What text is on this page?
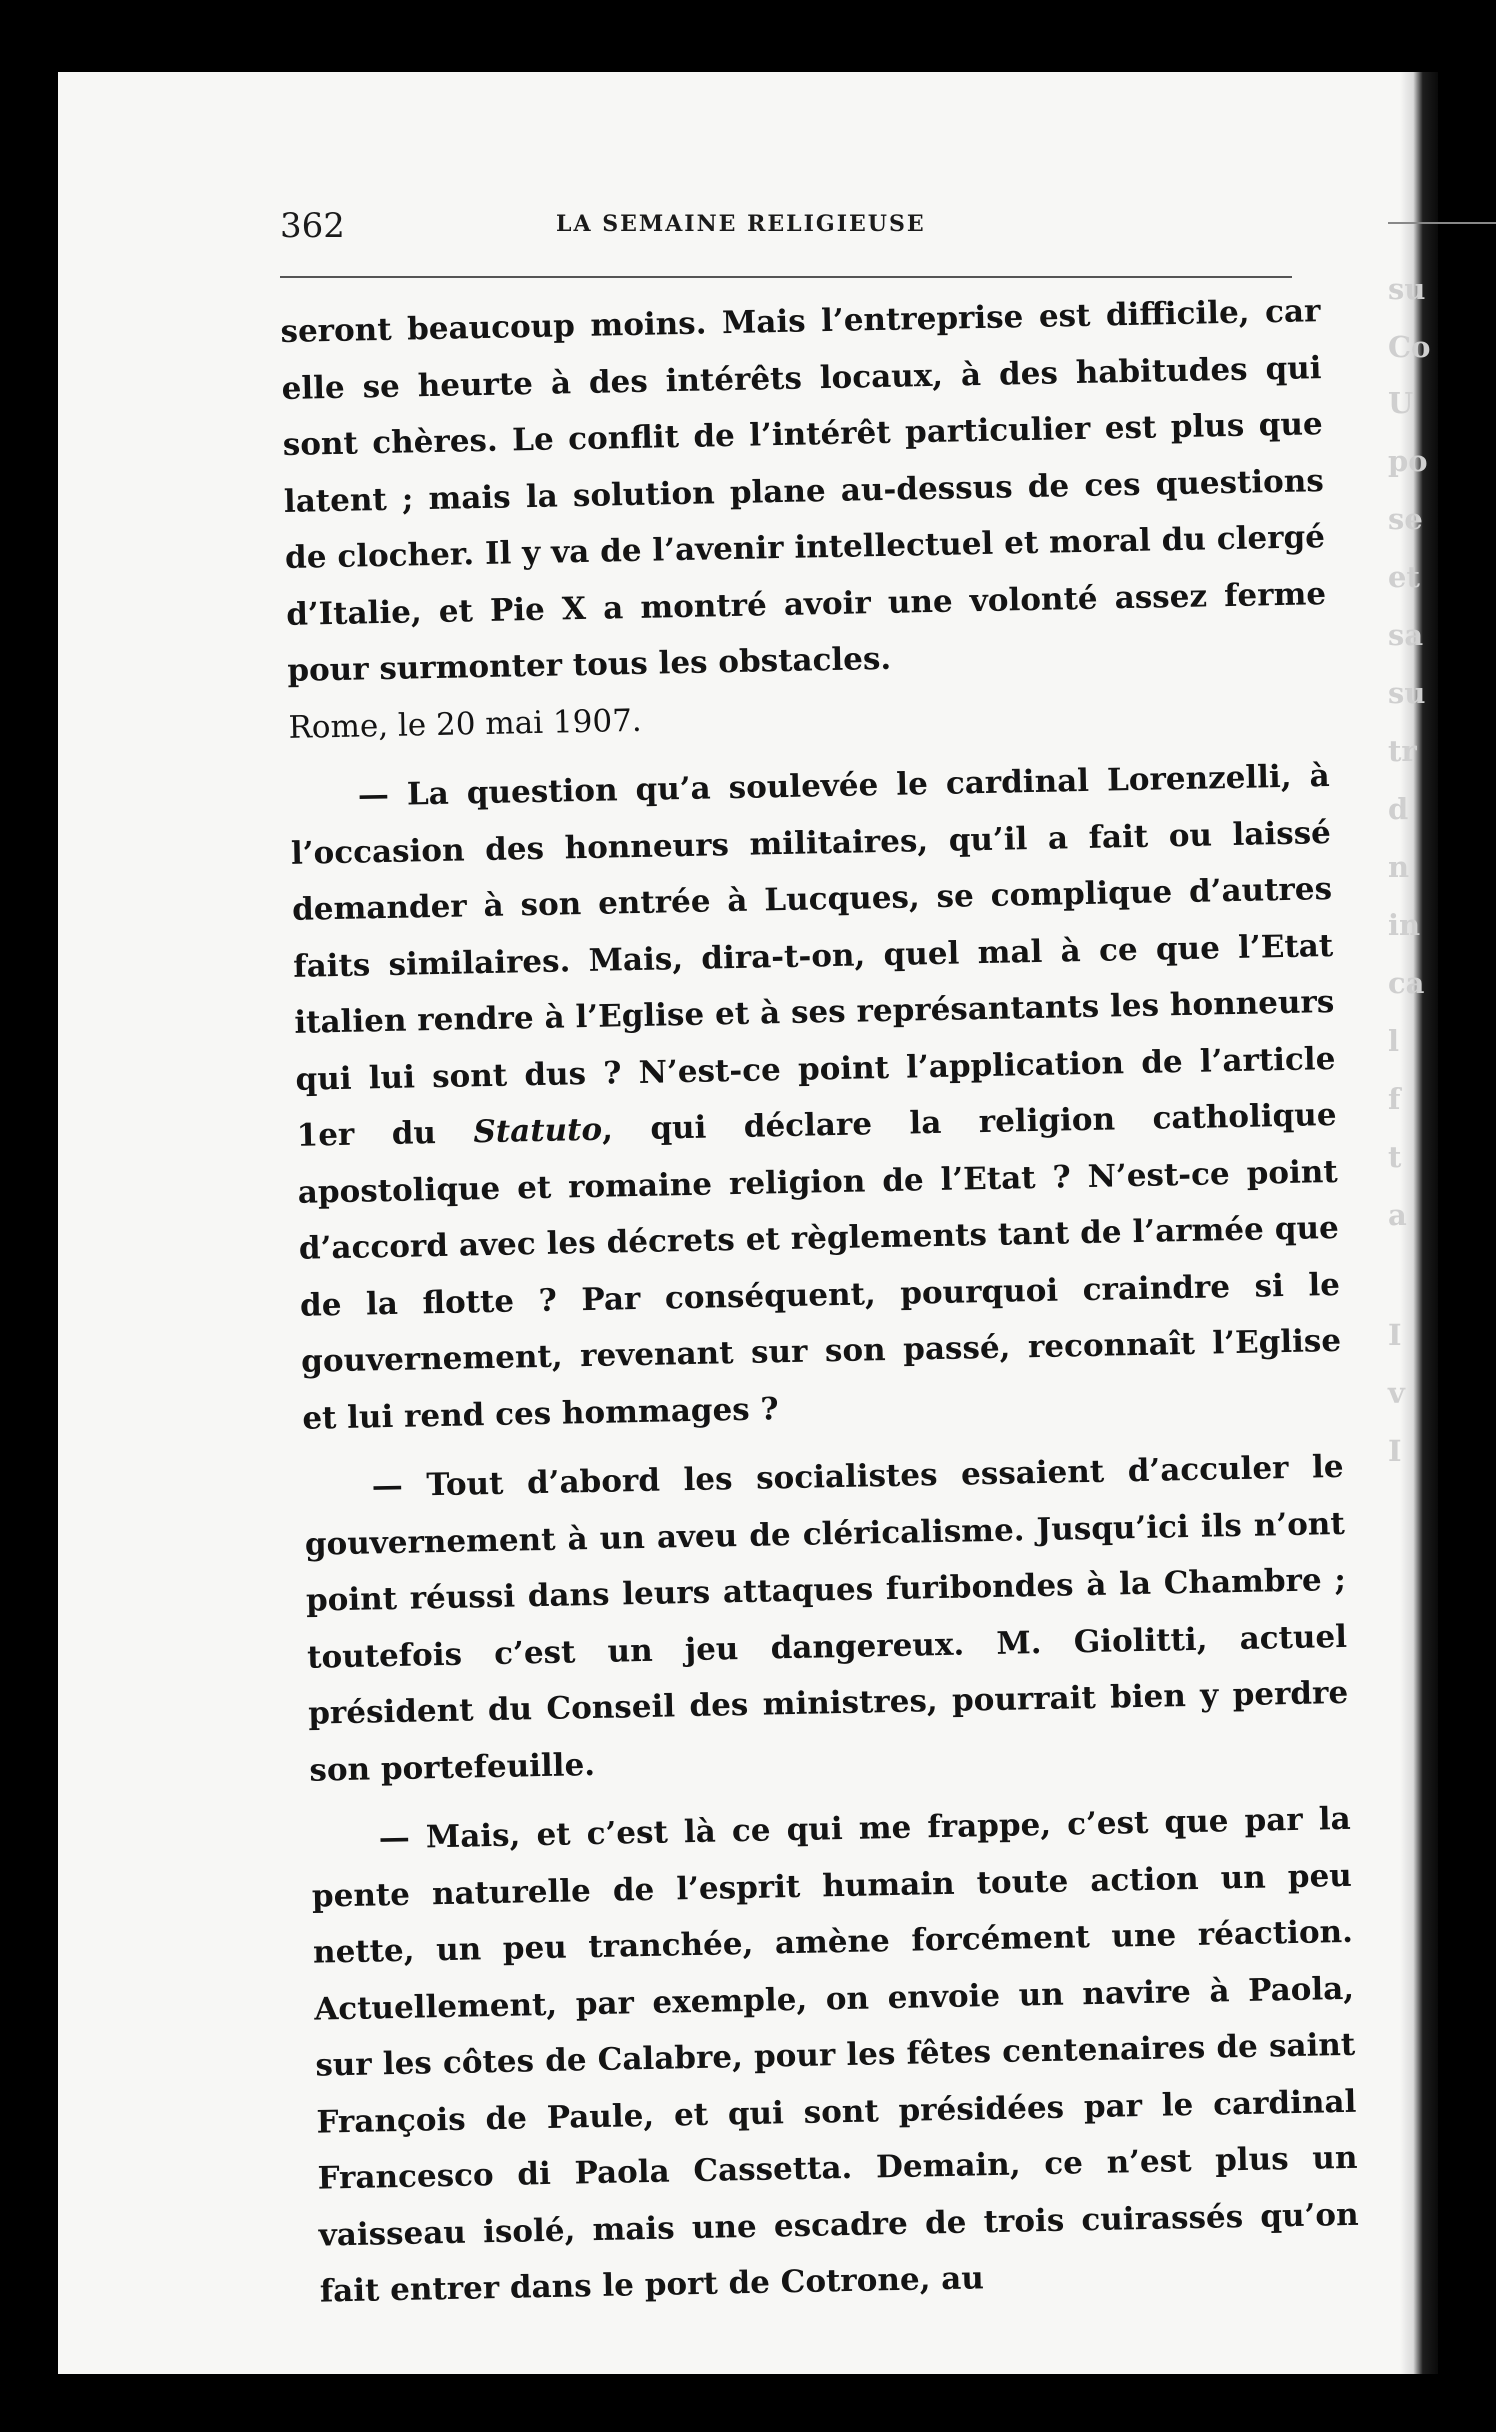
362	LA SEMAINE RELIGIEUSE

seront beaucoup moins. Mais l’entreprise est difficile, car elle se heurte à des intérêts locaux, à des habitudes qui sont chères. Le conflit de l’intérêt particulier est plus que latent ; mais la solution plane au-dessus de ces questions de clocher. Il y va de l’avenir intellectuel et moral du clergé d’Italie, et Pie X a montré avoir une volonté assez ferme pour surmonter tous les obstacles.

Rome, le 20 mai 1907.

— La question qu’a soulevée le cardinal Lorenzelli, à l’occasion des honneurs militaires, qu’il a fait ou laissé demander à son entrée à Lucques, se complique d’autres faits similaires. Mais, dira-t-on, quel mal à ce que l’Etat italien rendre à l’Eglise et à ses représantants les honneurs qui lui sont dus ? N’est-ce point l’application de l’article 1er du Statuto, qui déclare la religion catholique apostolique et romaine religion de l’Etat ? N’est-ce point d’accord avec les décrets et règlements tant de l’armée que de la flotte ? Par conséquent, pourquoi craindre si le gouvernement, revenant sur son passé, reconnaît l’Eglise et lui rend ces hommages ?

— Tout d’abord les socialistes essaient d’acculer le gouvernement à un aveu de cléricalisme. Jusqu’ici ils n’ont point réussi dans leurs attaques furibondes à la Chambre ; toutefois c’est un jeu dangereux. M. Giolitti, actuel président du Conseil des ministres, pourrait bien y perdre son portefeuille.

— Mais, et c’est là ce qui me frappe, c’est que par la pente naturelle de l’esprit humain toute action un peu nette, un peu tranchée, amène forcément une réaction. Actuellement, par exemple, on envoie un navire à Paola, sur les côtes de Calabre, pour les fêtes centenaires de saint François de Paule, et qui sont présidées par le cardinal Francesco di Paola Cassetta. Demain, ce n’est plus un vaisseau isolé, mais une escadre de trois cuirassés qu’on fait entrer dans le port de Cotrone, au

su
Co
U
po
se
et
sa
su
tr
d
n
in
ca
l
f
t
a
I
v
I
